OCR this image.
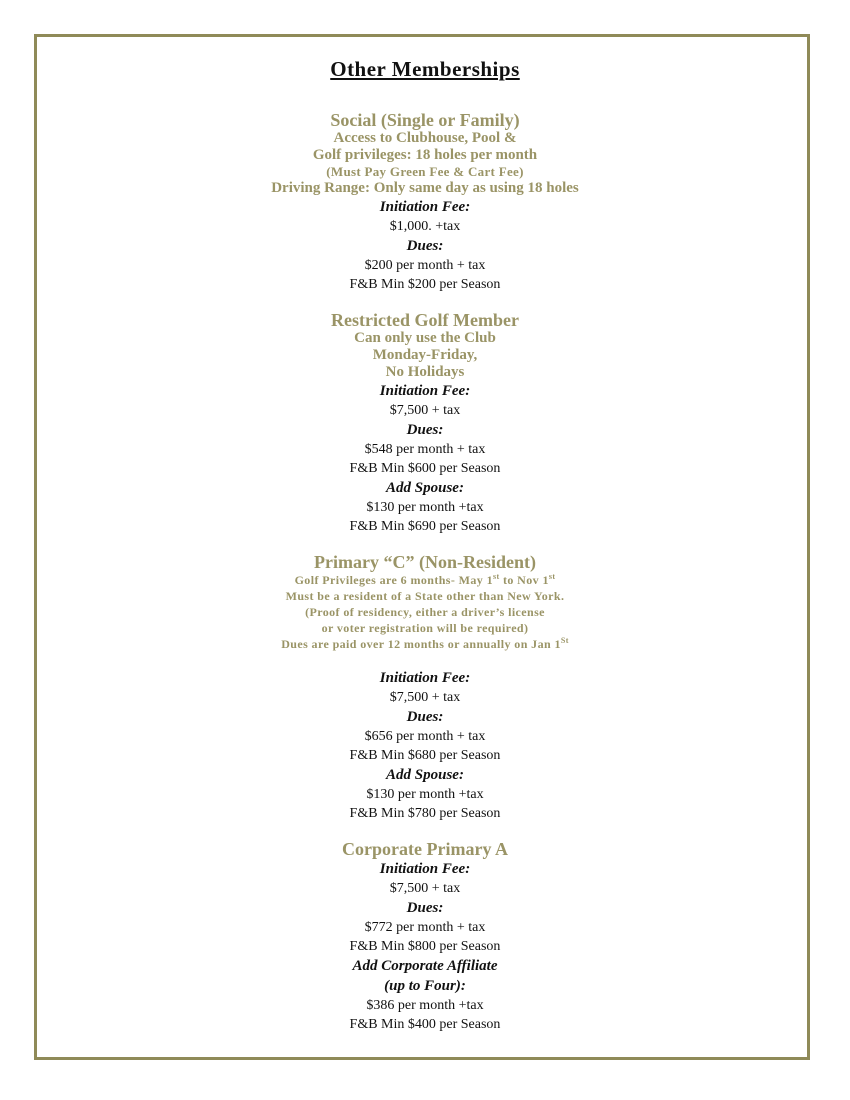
Other Memberships
Social (Single or Family)
Access to Clubhouse, Pool &
Golf privileges: 18 holes per month
(Must Pay Green Fee & Cart Fee)
Driving Range: Only same day as using 18 holes
Initiation Fee:
$1,000. +tax
Dues:
$200 per month + tax
F&B Min $200 per Season
Restricted Golf Member
Can only use the Club
Monday-Friday,
No Holidays
Initiation Fee:
$7,500 + tax
Dues:
$548 per month + tax
F&B Min $600 per Season
Add Spouse:
$130 per month +tax
F&B Min $690 per Season
Primary “C” (Non-Resident)
Golf Privileges are 6 months- May 1st to Nov 1st
Must be a resident of a State other than New York.
(Proof of residency, either a driver’s license
or voter registration will be required)
Dues are paid over 12 months or annually on Jan 1St
Initiation Fee:
$7,500 + tax
Dues:
$656 per month + tax
F&B Min $680 per Season
Add Spouse:
$130 per month +tax
F&B Min $780 per Season
Corporate Primary A
Initiation Fee:
$7,500 + tax
Dues:
$772 per month + tax
F&B Min $800 per Season
Add Corporate Affiliate
(up to Four):
$386 per month +tax
F&B Min $400 per Season
